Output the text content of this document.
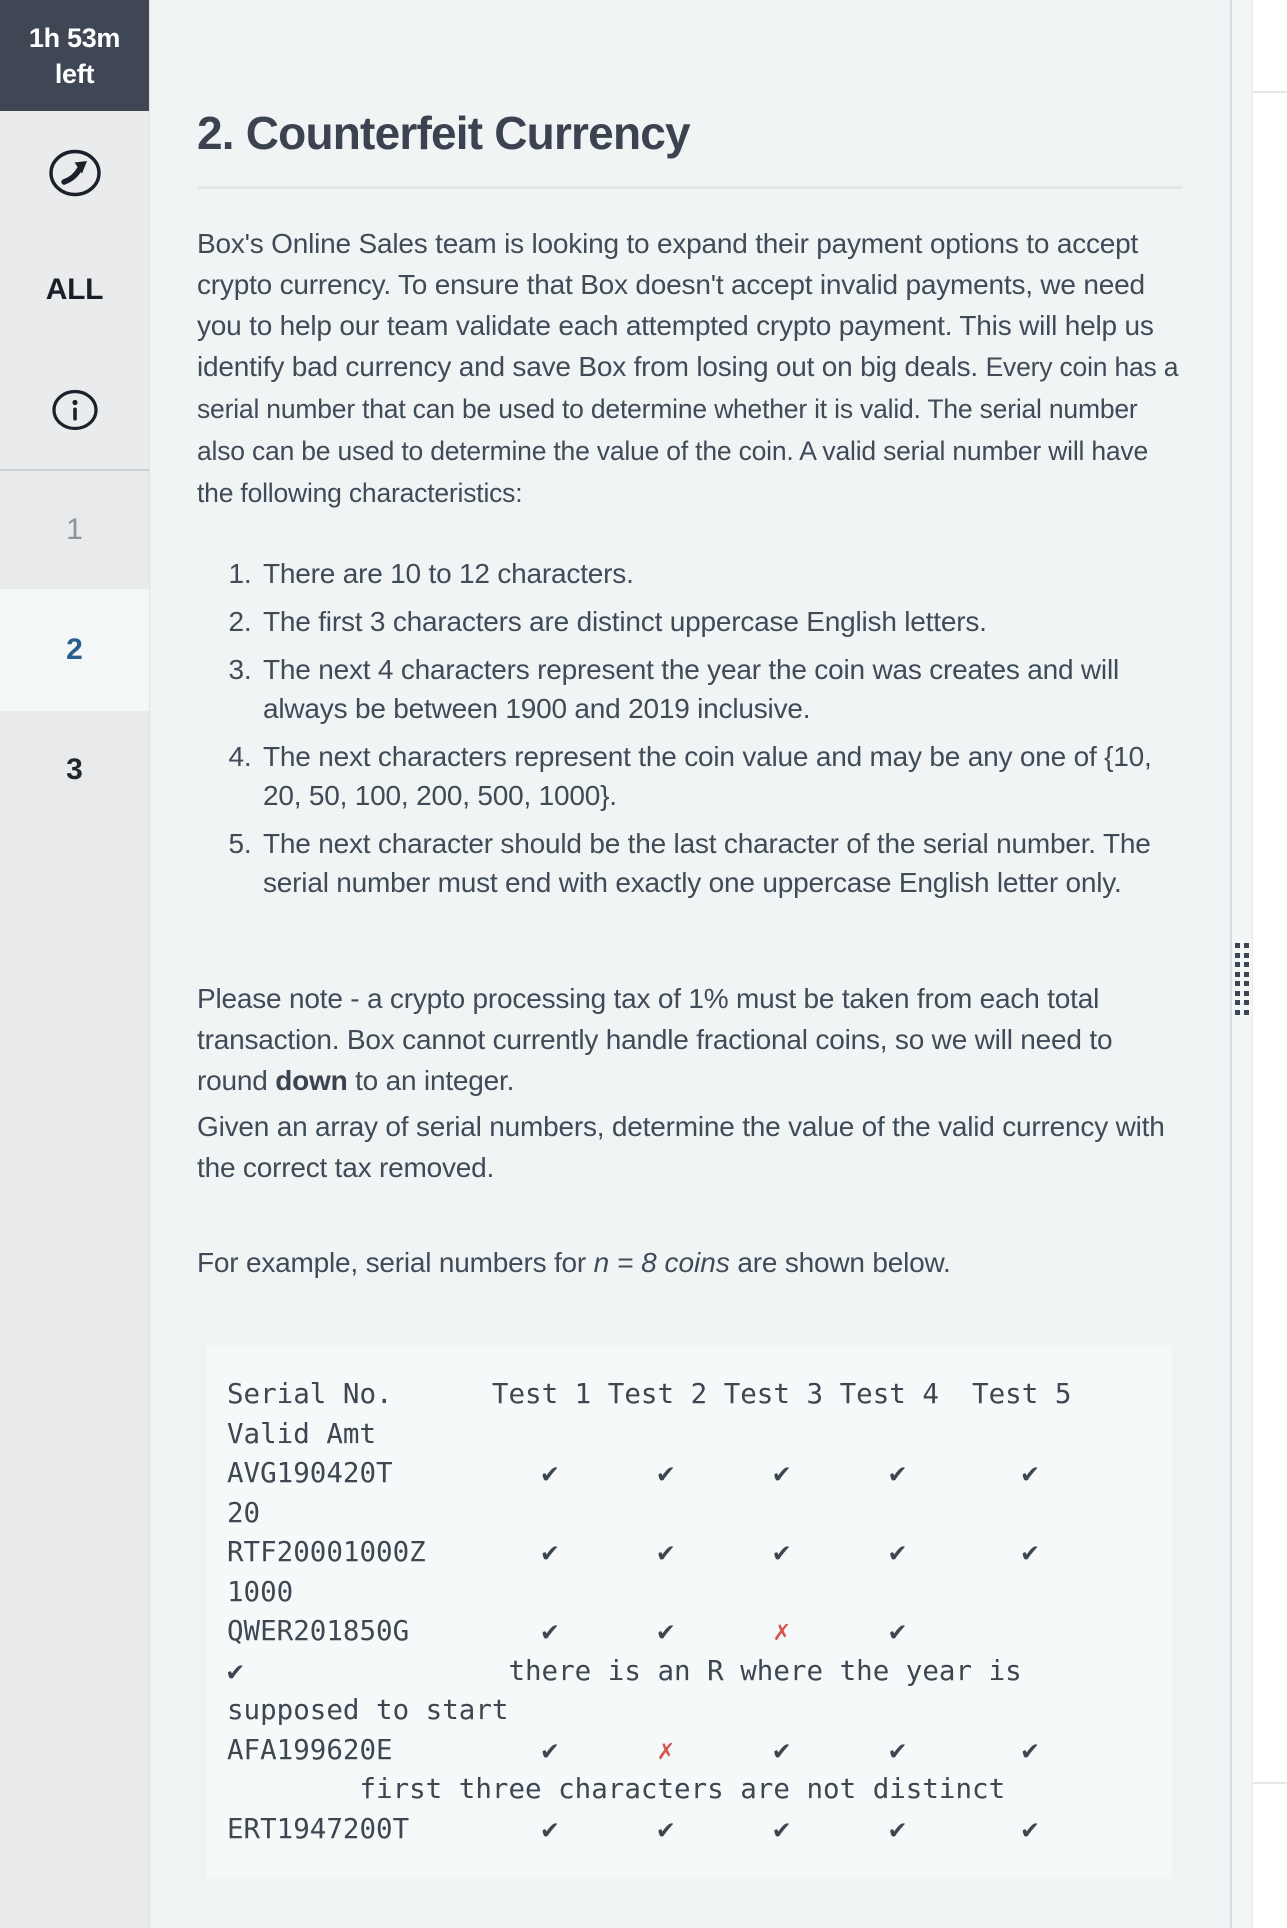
1h 53m
left
ALL
1
2
3
2. Counterfeit Currency

Box's Online Sales team is looking to expand their payment options to accept crypto currency. To ensure that Box doesn't accept invalid payments, we need you to help our team validate each attempted crypto payment. This will help us identify bad currency and save Box from losing out on big deals. Every coin has a serial number that can be used to determine whether it is valid. The serial number also can be used to determine the value of the coin. A valid serial number will have the following characteristics:

1. There are 10 to 12 characters.
2. The first 3 characters are distinct uppercase English letters.
3. The next 4 characters represent the year the coin was creates and will always be between 1900 and 2019 inclusive.
4. The next characters represent the coin value and may be any one of {10, 20, 50, 100, 200, 500, 1000}.
5. The next character should be the last character of the serial number. The serial number must end with exactly one uppercase English letter only.

Please note - a crypto processing tax of 1% must be taken from each total transaction. Box cannot currently handle fractional coins, so we will need to round down to an integer.

Given an array of serial numbers, determine the value of the valid currency with the correct tax removed.

For example, serial numbers for n = 8 coins are shown below.

Serial No.      Test 1 Test 2 Test 3 Test 4  Test 5
Valid Amt
AVG190420T         ✔	✔	✔	✔	✔
20
RTF20001000Z       ✔	✔	✔	✔	✔
1000
QWER201850G        ✔	✔	✗	✔
✔                there is an R where the year is
supposed to start
AFA199620E         ✔	✗	✔	✔	✔
first three characters are not distinct
ERT1947200T        ✔	✔	✔	✔	✔
